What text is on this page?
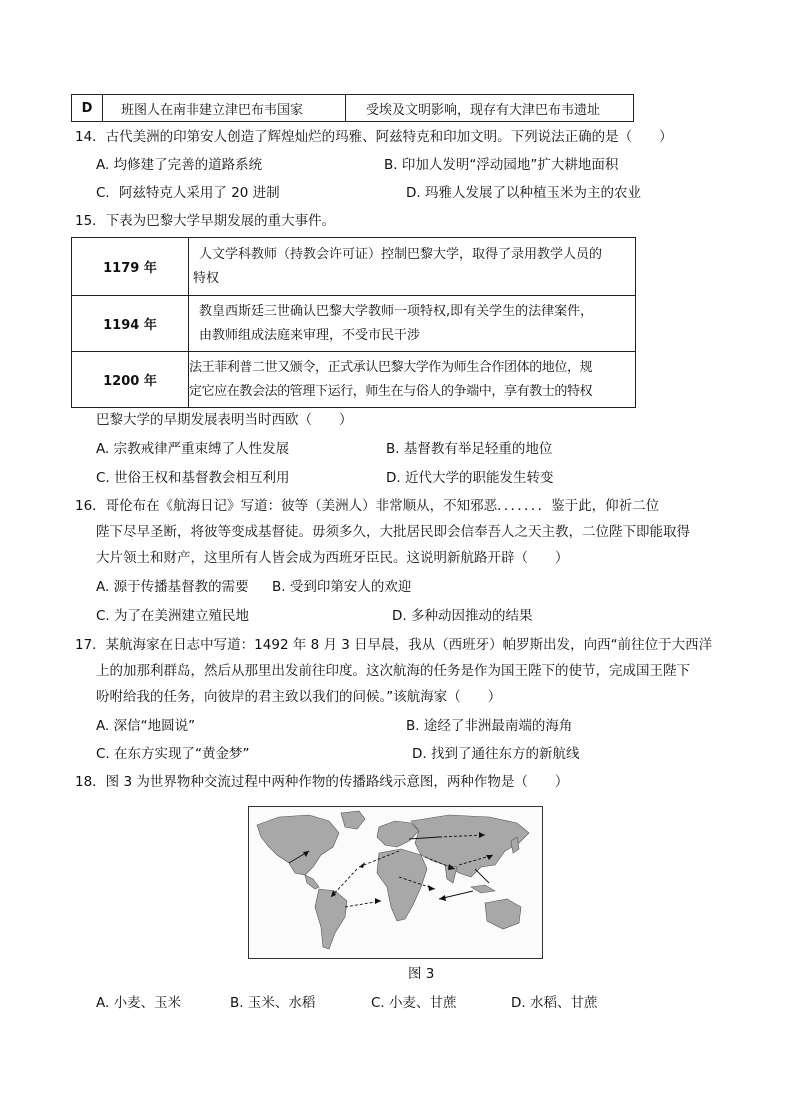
D	班图人在南非建立津巴布韦国家	受埃及文明影响，现存有大津巴布韦遗址
14．古代美洲的印第安人创造了辉煌灿烂的玛雅、阿兹特克和印加文明。下列说法正确的是（　　）
A. 均修建了完善的道路系统	B. 印加人发明“浮动园地”扩大耕地面积
C．阿兹特克人采用了 20 进制	D. 玛雅人发展了以种植玉米为主的农业
15．下表为巴黎大学早期发展的重大事件。
1179 年	人文学科教师（持教会许可证）控制巴黎大学，取得了录用教学人员的
特权

1194 年	教皇西斯廷三世确认巴黎大学教师一项特权,即有关学生的法律案件，
由教师组成法庭来审理，不受市民干涉

1200 年	法王菲利普二世又颁令，正式承认巴黎大学作为师生合作团体的地位，规
定它应在教会法的管理下运行，师生在与俗人的争端中，享有教士的特权
巴黎大学的早期发展表明当时西欧（　　）
A. 宗教戒律严重束缚了人性发展	B. 基督教有举足轻重的地位
C. 世俗王权和基督教会相互利用	D. 近代大学的职能发生转变
16．哥伦布在《航海日记》写道：彼等（美洲人）非常顺从，不知邪恶．．．．．．．鉴于此，仰祈二位
陛下尽早圣断，将彼等变成基督徒。毋须多久，大批居民即会信奉吾人之天主教，二位陛下即能取得
大片领土和财产，这里所有人皆会成为西班牙臣民。这说明新航路开辟（　　）
A. 源于传播基督教的需要 B. 受到印第安人的欢迎
C. 为了在美洲建立殖民地	D. 多种动因推动的结果
17．某航海家在日志中写道：1492 年 8 月 3 日早晨，我从（西班牙）帕罗斯出发，向西“前往位于大西洋
上的加那利群岛，然后从那里出发前往印度。这次航海的任务是作为国王陛下的使节，完成国王陛下
吩咐给我的任务，向彼岸的君主致以我们的问候。”该航海家（　　）
A. 深信“地圆说”	B. 途经了非洲最南端的海角
C. 在东方实现了“黄金梦”	D. 找到了通往东方的新航线
18．图 3 为世界物种交流过程中两种作物的传播路线示意图，两种作物是（　　）
图 3
A. 小麦、玉米	B. 玉米、水稻	C. 小麦、甘蔗	D. 水稻、甘蔗
